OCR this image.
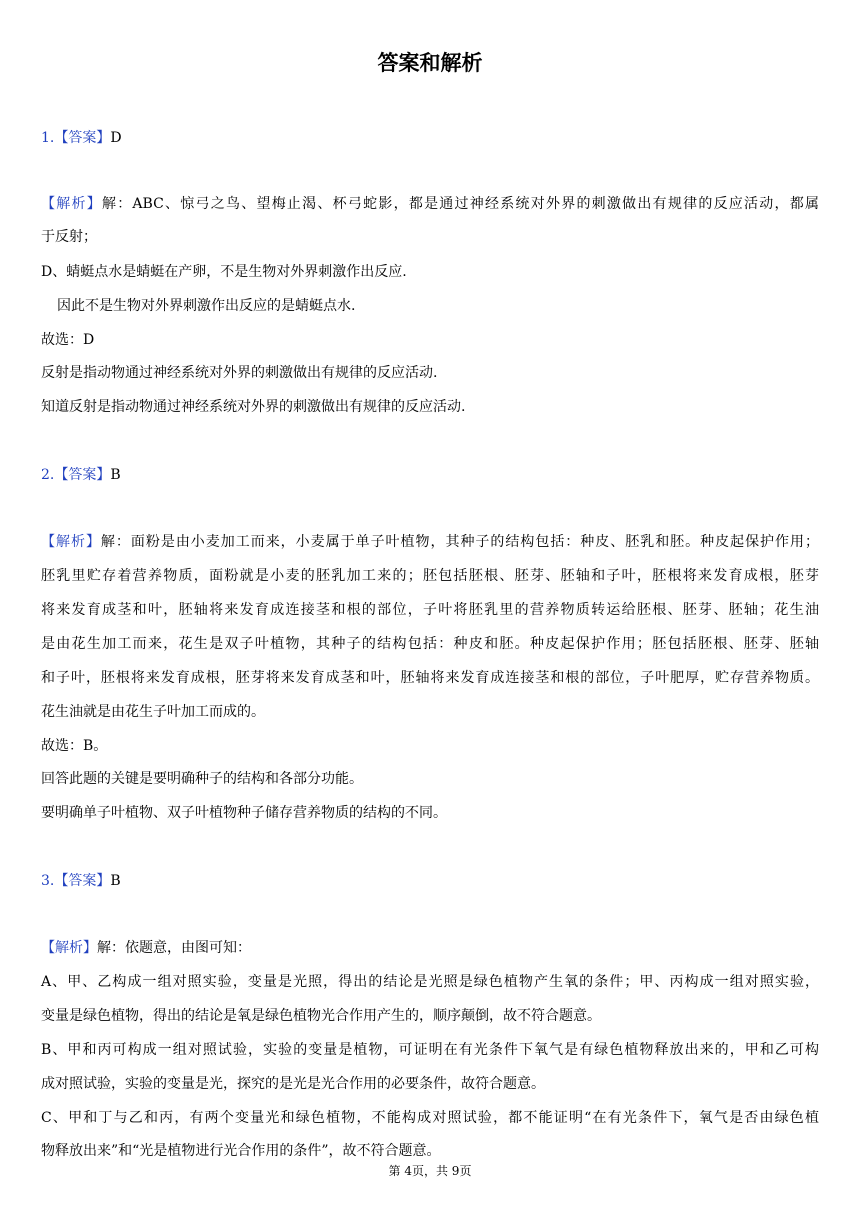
答案和解析

1.【答案】D

【解析】解：ABC、惊弓之鸟、望梅止渴、杯弓蛇影，都是通过神经系统对外界的刺激做出有规律的反应活动，都属

于反射；

D、蜻蜓点水是蜻蜓在产卵，不是生物对外界刺激作出反应.

因此不是生物对外界刺激作出反应的是蜻蜓点水.

故选：D

反射是指动物通过神经系统对外界的刺激做出有规律的反应活动.

知道反射是指动物通过神经系统对外界的刺激做出有规律的反应活动.

2.【答案】B

【解析】解：面粉是由小麦加工而来，小麦属于单子叶植物，其种子的结构包括：种皮、胚乳和胚。种皮起保护作用；

胚乳里贮存着营养物质，面粉就是小麦的胚乳加工来的；胚包括胚根、胚芽、胚轴和子叶，胚根将来发育成根，胚芽

将来发育成茎和叶，胚轴将来发育成连接茎和根的部位，子叶将胚乳里的营养物质转运给胚根、胚芽、胚轴；花生油

是由花生加工而来，花生是双子叶植物，其种子的结构包括：种皮和胚。种皮起保护作用；胚包括胚根、胚芽、胚轴

和子叶，胚根将来发育成根，胚芽将来发育成茎和叶，胚轴将来发育成连接茎和根的部位，子叶肥厚，贮存营养物质。

花生油就是由花生子叶加工而成的。

故选：B。

回答此题的关键是要明确种子的结构和各部分功能。

要明确单子叶植物、双子叶植物种子储存营养物质的结构的不同。

3.【答案】B

【解析】解：依题意，由图可知：

A、甲、乙构成一组对照实验，变量是光照，得出的结论是光照是绿色植物产生氧的条件；甲、丙构成一组对照实验，

变量是绿色植物，得出的结论是氧是绿色植物光合作用产生的，顺序颠倒，故不符合题意。

B、甲和丙可构成一组对照试验，实验的变量是植物，可证明在有光条件下氧气是有绿色植物释放出来的，甲和乙可构

成对照试验，实验的变量是光，探究的是光是光合作用的必要条件，故符合题意。

C、甲和丁与乙和丙，有两个变量光和绿色植物，不能构成对照试验，都不能证明“在有光条件下，氧气是否由绿色植

物释放出来”和“光是植物进行光合作用的条件”，故不符合题意。

第 4页，共 9页
